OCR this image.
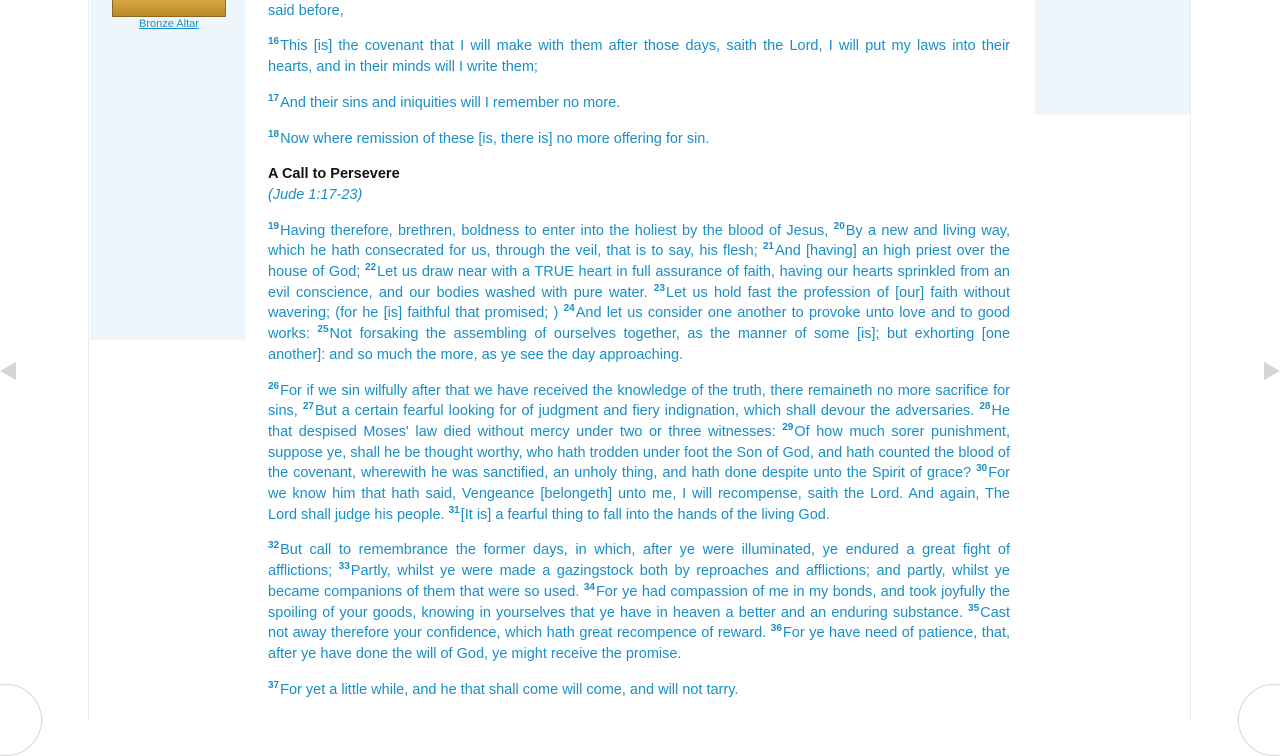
Bronze Altar

said before,

$^{16}$This [is] the covenant that I will make with them after those days, saith the Lord, I will put my laws into their hearts, and in their minds will I write them;

$^{17}$And their sins and iniquities will I remember no more.

$^{18}$Now where remission of these [is, there is] no more offering for sin.

A Call to Persevere
(Jude 1:17-23)

$^{19}$Having therefore, brethren, boldness to enter into the holiest by the blood of Jesus, $^{20}$By a new and living way, which he hath consecrated for us, through the veil, that is to say, his flesh; $^{21}$And [having] an high priest over the house of God; $^{22}$Let us draw near with a TRUE heart in full assurance of faith, having our hearts sprinkled from an evil conscience, and our bodies washed with pure water. $^{23}$Let us hold fast the profession of [our] faith without wavering; (for he [is] faithful that promised; ) $^{24}$And let us consider one another to provoke unto love and to good works: $^{25}$Not forsaking the assembling of ourselves together, as the manner of some [is]; but exhorting [one another]: and so much the more, as ye see the day approaching.

$^{26}$For if we sin wilfully after that we have received the knowledge of the truth, there remaineth no more sacrifice for sins, $^{27}$But a certain fearful looking for of judgment and fiery indignation, which shall devour the adversaries. $^{28}$He that despised Moses' law died without mercy under two or three witnesses: $^{29}$Of how much sorer punishment, suppose ye, shall he be thought worthy, who hath trodden under foot the Son of God, and hath counted the blood of the covenant, wherewith he was sanctified, an unholy thing, and hath done despite unto the Spirit of grace? $^{30}$For we know him that hath said, Vengeance [belongeth] unto me, I will recompense, saith the Lord. And again, The Lord shall judge his people. $^{31}$[It is] a fearful thing to fall into the hands of the living God.

$^{32}$But call to remembrance the former days, in which, after ye were illuminated, ye endured a great fight of afflictions; $^{33}$Partly, whilst ye were made a gazingstock both by reproaches and afflictions; and partly, whilst ye became companions of them that were so used. $^{34}$For ye had compassion of me in my bonds, and took joyfully the spoiling of your goods, knowing in yourselves that ye have in heaven a better and an enduring substance. $^{35}$Cast not away therefore your confidence, which hath great recompence of reward. $^{36}$For ye have need of patience, that, after ye have done the will of God, ye might receive the promise.

$^{37}$For yet a little while, and he that shall come will come, and will not tarry.
